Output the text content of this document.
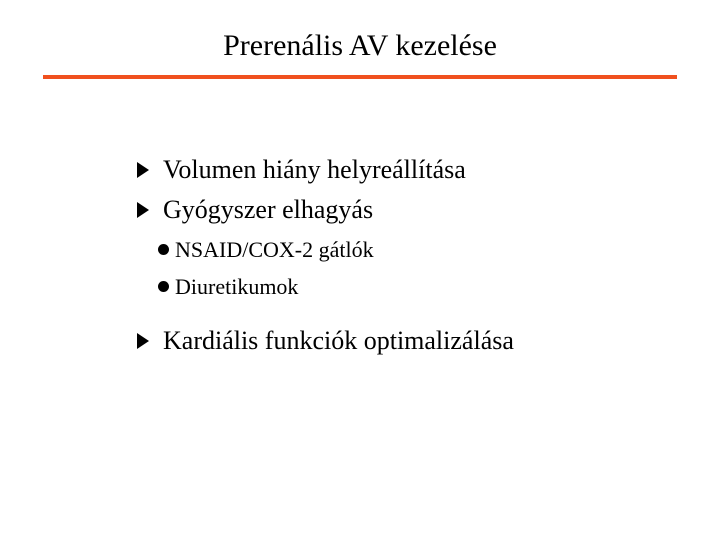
Prerenális AV kezelése
Volumen hiány helyreállítása
Gyógyszer elhagyás
NSAID/COX-2 gátlók
Diuretikumok
Kardiális funkciók optimalizálása
